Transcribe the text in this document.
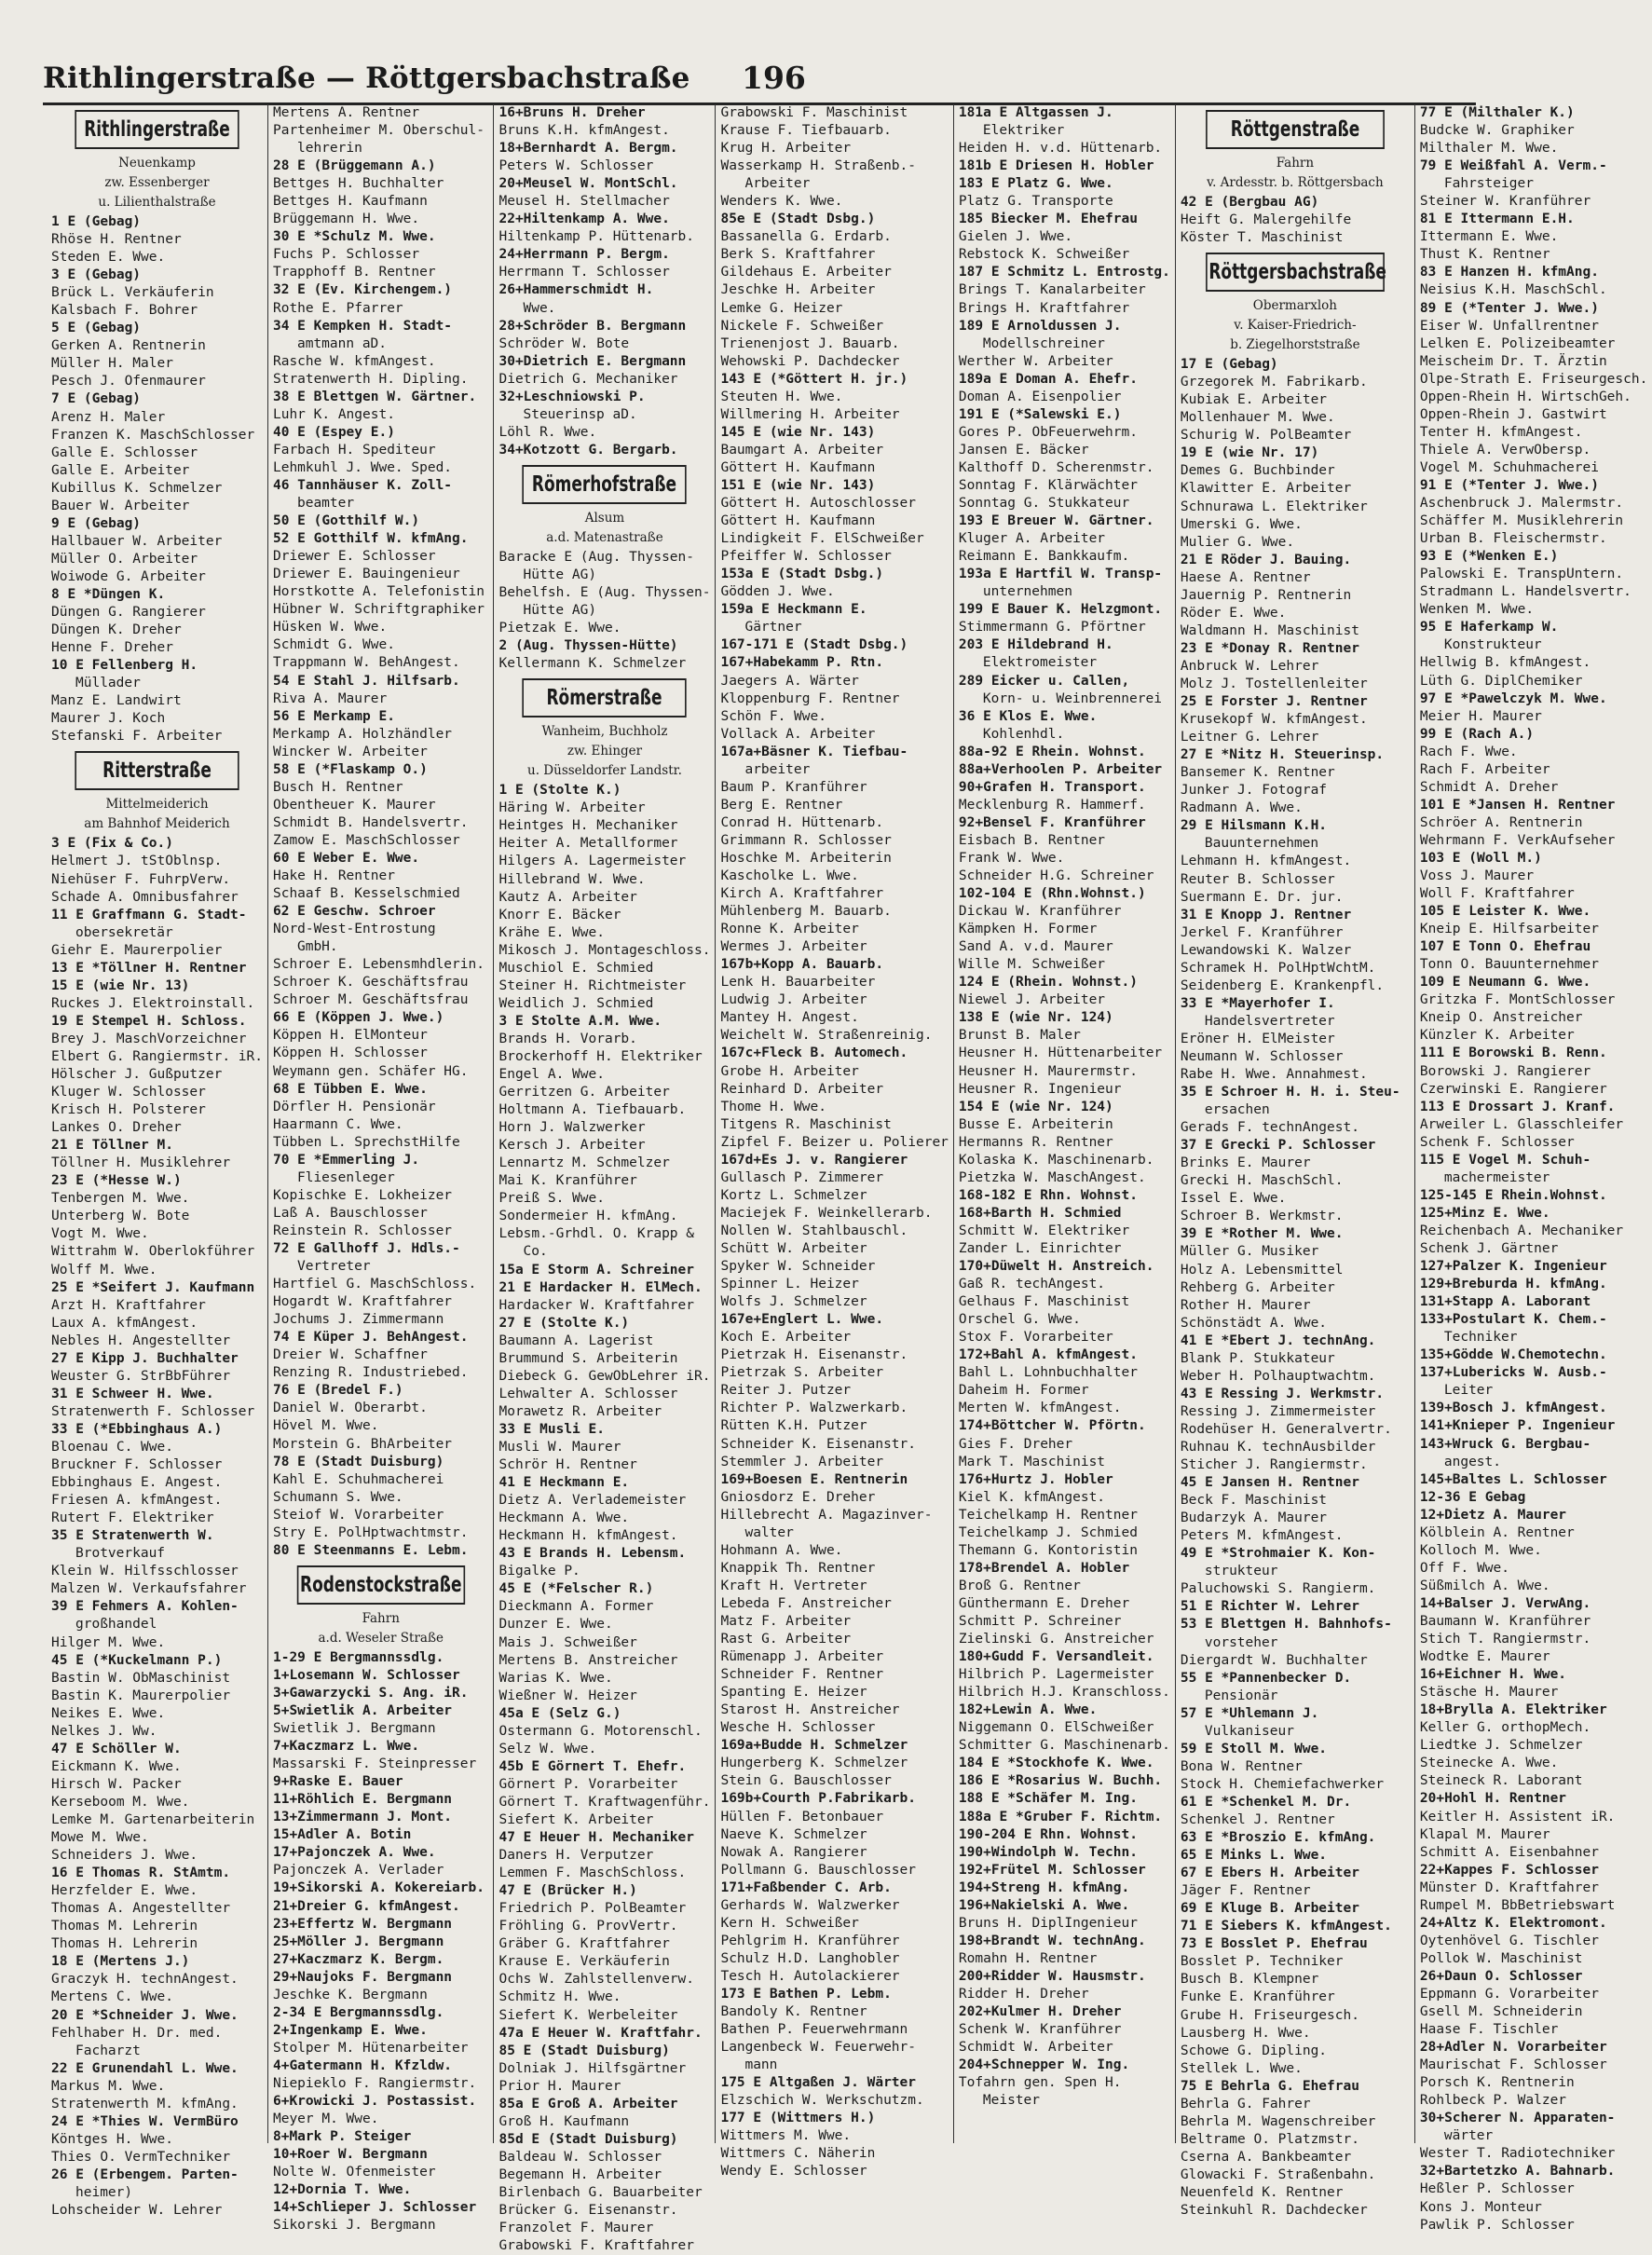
Rithlingerstraße — Röttgersbachstraße 196
Rithlingerstraße
Neuenkamp
zw. Essenberger
u. Lilienthalstraße
1 E (Gebag)
Rhöse H. Rentner
Steden E. Wwe.
3 E (Gebag)
Brück L. Verkäuferin
Kalsbach F. Bohrer
5 E (Gebag)
Gerken A. Rentnerin
Müller H. Maler
Pesch J. Ofenmaurer
7 E (Gebag)
Arenz H. Maler
Franzen K. MaschSchlosser
Galle E. Schlosser
Galle E. Arbeiter
Kubillus K. Schmelzer
Bauer W. Arbeiter
9 E (Gebag)
Hallbauer W. Arbeiter
Müller O. Arbeiter
Woiwode G. Arbeiter
8 E *Düngen K.
Düngen G. Rangierer
Düngen K. Dreher
Henne F. Dreher
10 E Fellenberg H.
Müllader
Manz E. Landwirt
Maurer J. Koch
Stefanski F. Arbeiter
Ritterstraße
Mittelmeiderich
am Bahnhof Meiderich
3 E (Fix & Co.)
Helmert J. tStOblnsp.
Niehüser F. FuhrpVerw.
Schade A. Omnibusfahrer
11 E Graffmann G. Stadt-
obersekretär
Giehr E. Maurerpolier
13 E *Töllner H. Rentner
15 E (wie Nr. 13)
Ruckes J. Elektroinstall.
19 E Stempel H. Schloss.
Brey J. MaschVorzeichner
Elbert G. Rangiermstr. iR.
Hölscher J. Gußputzer
Kluger W. Schlosser
Krisch H. Polsterer
Lankes O. Dreher
21 E Töllner M.
Töllner H. Musiklehrer
23 E (*Hesse W.)
Tenbergen M. Wwe.
Unterberg W. Bote
Vogt M. Wwe.
Wittrahm W. Oberlokführer
Wolff M. Wwe.
25 E *Seifert J. Kaufmann
Arzt H. Kraftfahrer
Laux A. kfmAngest.
Nebles H. Angestellter
27 E Kipp J. Buchhalter
Weuster G. StrBbFührer
31 E Schweer H. Wwe.
Stratenwerth F. Schlosser
33 E (*Ebbinghaus A.)
Bloenau C. Wwe.
Bruckner F. Schlosser
Ebbinghaus E. Angest.
Friesen A. kfmAngest.
Rutert F. Elektriker
35 E Stratenwerth W.
Brotverkauf
Klein W. Hilfsschlosser
Malzen W. Verkaufsfahrer
39 E Fehmers A. Kohlen-
großhandel
Hilger M. Wwe.
45 E (*Kuckelmann P.)
Bastin W. ObMaschinist
Bastin K. Maurerpolier
Neikes E. Wwe.
Nelkes J. Ww.
47 E Schöller W.
Eickmann K. Wwe.
Hirsch W. Packer
Kerseboom M. Wwe.
Lemke M. Gartenarbeiterin
Mowe M. Wwe.
Schneiders J. Wwe.
16 E Thomas R. StAmtm.
Herzfelder E. Wwe.
Thomas A. Angestellter
Thomas M. Lehrerin
Thomas H. Lehrerin
18 E (Mertens J.)
Graczyk H. technAngest.
Mertens C. Wwe.
20 E *Schneider J. Wwe.
Fehlhaber H. Dr. med.
Facharzt
22 E Grunendahl L. Wwe.
Markus M. Wwe.
Stratenwerth M. kfmAng.
24 E *Thies W. VermBüro
Köntges H. Wwe.
Thies O. VermTechniker
26 E (Erbengem. Parten-
heimer)
Lohscheider W. Lehrer
Mertens A. Rentner
Partenheimer M. Oberschul-
lehrerin
28 E (Brüggemann A.)
Bettges H. Buchhalter
Bettges H. Kaufmann
Brüggemann H. Wwe.
30 E *Schulz M. Wwe.
Fuchs P. Schlosser
Trapphoff B. Rentner
32 E (Ev. Kirchengem.)
Rothe E. Pfarrer
34 E Kempken H. Stadt-
amtmann aD.
Rasche W. kfmAngest.
Stratenwerth H. Dipling.
38 E Blettgen W. Gärtner.
Luhr K. Angest.
40 E (Espey E.)
Farbach H. Spediteur
Lehmkuhl J. Wwe. Sped.
46 Tannhäuser K. Zoll-
beamter
50 E (Gotthilf W.)
52 E Gotthilf W. kfmAng.
Driewer E. Schlosser
Driewer E. Bauingenieur
Horstkotte A. Telefonistin
Hübner W. Schriftgraphiker
Hüsken W. Wwe.
Schmidt G. Wwe.
Trappmann W. BehAngest.
54 E Stahl J. Hilfsarb.
Riva A. Maurer
56 E Merkamp E.
Merkamp A. Holzhändler
Wincker W. Arbeiter
58 E (*Flaskamp O.)
Busch H. Rentner
Obentheuer K. Maurer
Schmidt B. Handelsvertr.
Zamow E. MaschSchlosser
60 E Weber E. Wwe.
Hake H. Rentner
Schaaf B. Kesselschmied
62 E Geschw. Schroer
Nord-West-Entrostung
GmbH.
Schroer E. Lebensmhdlerin.
Schroer K. Geschäftsfrau
Schroer M. Geschäftsfrau
66 E (Köppen J. Wwe.)
Köppen H. ElMonteur
Köppen H. Schlosser
Weymann gen. Schäfer HG.
68 E Tübben E. Wwe.
Dörfler H. Pensionär
Haarmann C. Wwe.
Tübben L. SprechstHilfe
70 E *Emmerling J.
Fliesenleger
Kopischke E. Lokheizer
Laß A. Bauschlosser
Reinstein R. Schlosser
72 E Gallhoff J. Hdls.-
Vertreter
Hartfiel G. MaschSchloss.
Hogardt W. Kraftfahrer
Jochums J. Zimmermann
74 E Küper J. BehAngest.
Dreier W. Schaffner
Renzing R. Industriebed.
76 E (Bredel F.)
Daniel W. Oberarbt.
Hövel M. Wwe.
Morstein G. BhArbeiter
78 E (Stadt Duisburg)
Kahl E. Schuhmacherei
Schumann S. Wwe.
Steiof W. Vorarbeiter
Stry E. PolHptwachtmstr.
80 E Steenmanns E. Lebm.
Rodenstockstraße
Fahrn
a.d. Weseler Straße
1-29 E Bergmannssdlg.
1+Losemann W. Schlosser
3+Gawarzycki S. Ang. iR.
5+Swietlik A. Arbeiter
Swietlik J. Bergmann
7+Kaczmarz L. Wwe.
Massarski F. Steinpresser
9+Raske E. Bauer
11+Röhlich E. Bergmann
13+Zimmermann J. Mont.
15+Adler A. Botin
17+Pajonczek A. Wwe.
Pajonczek A. Verlader
19+Sikorski A. Kokereiarb.
21+Dreier G. kfmAngest.
23+Effertz W. Bergmann
25+Möller J. Bergmann
27+Kaczmarz K. Bergm.
29+Naujoks F. Bergmann
Jeschke K. Bergmann
2-34 E Bergmannssdlg.
2+Ingenkamp E. Wwe.
Stolper M. Hütenarbeiter
4+Gatermann H. Kfzldw.
Niepieklo F. Rangiermstr.
6+Krowicki J. Postassist.
Meyer M. Wwe.
8+Mark P. Steiger
10+Roer W. Bergmann
Nolte W. Ofenmeister
12+Dornia T. Wwe.
14+Schlieper J. Schlosser
Sikorski J. Bergmann
16+Bruns H. Dreher
Bruns K.H. kfmAngest.
18+Bernhardt A. Bergm.
Peters W. Schlosser
20+Meusel W. MontSchl.
Meusel H. Stellmacher
22+Hiltenkamp A. Wwe.
Hiltenkamp P. Hüttenarb.
24+Herrmann P. Bergm.
Herrmann T. Schlosser
26+Hammerschmidt H.
Wwe.
28+Schröder B. Bergmann
Schröder W. Bote
30+Dietrich E. Bergmann
Dietrich G. Mechaniker
32+Leschniowski P.
Steuerinsp aD.
Löhl R. Wwe.
34+Kotzott G. Bergarb.
Römerhofstraße
Alsum
a.d. Matenastraße
Baracke E (Aug. Thyssen-
Hütte AG)
Behelfsh. E (Aug. Thyssen-
Hütte AG)
Pietzak E. Wwe.
2 (Aug. Thyssen-Hütte)
Kellermann K. Schmelzer
Römerstraße
Wanheim, Buchholz
zw. Ehinger
u. Düsseldorfer Landstr.
1 E (Stolte K.)
Häring W. Arbeiter
Heintges H. Mechaniker
Heiter A. Metallformer
Hilgers A. Lagermeister
Hillebrand W. Wwe.
Kautz A. Arbeiter
Knorr E. Bäcker
Krähe E. Wwe.
Mikosch J. Montageschloss.
Muschiol E. Schmied
Steiner H. Richtmeister
Weidlich J. Schmied
3 E Stolte A.M. Wwe.
Brands H. Vorarb.
Brockerhoff H. Elektriker
Engel A. Wwe.
Gerritzen G. Arbeiter
Holtmann A. Tiefbauarb.
Horn J. Walzwerker
Kersch J. Arbeiter
Lennartz M. Schmelzer
Mai K. Kranführer
Preiß S. Wwe.
Sondermeier H. kfmAng.
Lebsm.-Grhdl. O. Krapp &
Co.
15a E Storm A. Schreiner
21 E Hardacker H. ElMech.
Hardacker W. Kraftfahrer
27 E (Stolte K.)
Baumann A. Lagerist
Brummund S. Arbeiterin
Diebeck G. GewObLehrer iR.
Lehwalter A. Schlosser
Morawetz R. Arbeiter
33 E Musli E.
Musli W. Maurer
Schrör H. Rentner
41 E Heckmann E.
Dietz A. Verlademeister
Heckmann A. Wwe.
Heckmann H. kfmAngest.
43 E Brands H. Lebensm.
Bigalke P.
45 E (*Felscher R.)
Dieckmann A. Former
Dunzer E. Wwe.
Mais J. Schweißer
Mertens B. Anstreicher
Warias K. Wwe.
Wießner W. Heizer
45a E (Selz G.)
Ostermann G. Motorenschl.
Selz W. Wwe.
45b E Görnert T. Ehefr.
Görnert P. Vorarbeiter
Görnert T. Kraftwagenführ.
Siefert K. Arbeiter
47 E Heuer H. Mechaniker
Daners H. Verputzer
Lemmen F. MaschSchloss.
47 E (Brücker H.)
Friedrich P. PolBeamter
Fröhling G. ProvVertr.
Gräber G. Kraftfahrer
Krause E. Verkäuferin
Ochs W. Zahlstellenverw.
Schmitz H. Wwe.
Siefert K. Werbeleiter
47a E Heuer W. Kraftfahr.
85 E (Stadt Duisburg)
Dolniak J. Hilfsgärtner
Prior H. Maurer
85a E Groß A. Arbeiter
Groß H. Kaufmann
85d E (Stadt Duisburg)
Baldeau W. Schlosser
Begemann H. Arbeiter
Birlenbach G. Bauarbeiter
Brücker G. Eisenanstr.
Franzolet F. Maurer
Grabowski F. Kraftfahrer
Grabowski F. Maschinist
Krause F. Tiefbauarb.
Krug H. Arbeiter
Wasserkamp H. Straßenb.-
Arbeiter
Wenders K. Wwe.
85e E (Stadt Dsbg.)
Bassanella G. Erdarb.
Berk S. Kraftfahrer
Gildehaus E. Arbeiter
Jeschke H. Arbeiter
Lemke G. Heizer
Nickele F. Schweißer
Trienenjost J. Bauarb.
Wehowski P. Dachdecker
143 E (*Göttert H. jr.)
Steuten H. Wwe.
Willmering H. Arbeiter
145 E (wie Nr. 143)
Baumgart A. Arbeiter
Göttert H. Kaufmann
151 E (wie Nr. 143)
Göttert H. Autoschlosser
Göttert H. Kaufmann
Lindigkeit F. ElSchweißer
Pfeiffer W. Schlosser
153a E (Stadt Dsbg.)
Gödden J. Wwe.
159a E Heckmann E.
Gärtner
167-171 E (Stadt Dsbg.)
167+Habekamm P. Rtn.
Jaegers A. Wärter
Kloppenburg F. Rentner
Schön F. Wwe.
Vollack A. Arbeiter
167a+Bäsner K. Tiefbau-
arbeiter
Baum P. Kranführer
Berg E. Rentner
Conrad H. Hüttenarb.
Grimmann R. Schlosser
Hoschke M. Arbeiterin
Kascholke L. Wwe.
Kirch A. Kraftfahrer
Mühlenberg M. Bauarb.
Ronne K. Arbeiter
Wermes J. Arbeiter
167b+Kopp A. Bauarb.
Lenk H. Bauarbeiter
Ludwig J. Arbeiter
Mantey H. Angest.
Weichelt W. Straßenreinig.
167c+Fleck B. Automech.
Grobe H. Arbeiter
Reinhard D. Arbeiter
Thome H. Wwe.
Titgens R. Maschinist
Zipfel F. Beizer u. Polierer
167d+Es J. v. Rangierer
Gullasch P. Zimmerer
Kortz L. Schmelzer
Maciejek F. Weinkellerarb.
Nollen W. Stahlbauschl.
Schütt W. Arbeiter
Spyker W. Schneider
Spinner L. Heizer
Wolfs J. Schmelzer
167e+Englert L. Wwe.
Koch E. Arbeiter
Pietrzak H. Eisenanstr.
Pietrzak S. Arbeiter
Reiter J. Putzer
Richter P. Walzwerkarb.
Rütten K.H. Putzer
Schneider K. Eisenanstr.
Stemmler J. Arbeiter
169+Boesen E. Rentnerin
Gniosdorz E. Dreher
Hillebrecht A. Magazinver-
walter
Hohmann A. Wwe.
Knappik Th. Rentner
Kraft H. Vertreter
Lebeda F. Anstreicher
Matz F. Arbeiter
Rast G. Arbeiter
Rümenapp J. Arbeiter
Schneider F. Rentner
Spanting E. Heizer
Starost H. Anstreicher
Wesche H. Schlosser
169a+Budde H. Schmelzer
Hungerberg K. Schmelzer
Stein G. Bauschlosser
169b+Courth P.Fabrikarb.
Hüllen F. Betonbauer
Naeve K. Schmelzer
Nowak A. Rangierer
Pollmann G. Bauschlosser
171+Faßbender C. Arb.
Gerhards W. Walzwerker
Kern H. Schweißer
Pehlgrim H. Kranführer
Schulz H.D. Langhobler
Tesch H. Autolackierer
173 E Bathen P. Lebm.
Bandoly K. Rentner
Bathen P. Feuerwehrmann
Langenbeck W. Feuerwehr-
mann
175 E Altgaßen J. Wärter
Elzschich W. Werkschutzm.
177 E (Wittmers H.)
Wittmers M. Wwe.
Wittmers C. Näherin
Wendy E. Schlosser
181a E Altgassen J.
Elektriker
Heiden H. v.d. Hüttenarb.
181b E Driesen H. Hobler
183 E Platz G. Wwe.
Platz G. Transporte
185 Biecker M. Ehefrau
Gielen J. Wwe.
Rebstock K. Schweißer
187 E Schmitz L. Entrostg.
Brings T. Kanalarbeiter
Brings H. Kraftfahrer
189 E Arnoldussen J.
Modellschreiner
Werther W. Arbeiter
189a E Doman A. Ehefr.
Doman A. Eisenpolier
191 E (*Salewski E.)
Gores P. ObFeuerwehrm.
Jansen E. Bäcker
Kalthoff D. Scherenmstr.
Sonntag F. Klärwächter
Sonntag G. Stukkateur
193 E Breuer W. Gärtner.
Kluger A. Arbeiter
Reimann E. Bankkaufm.
193a E Hartfil W. Transp-
unternehmen
199 E Bauer K. Helzgmont.
Stimmermann G. Pförtner
203 E Hildebrand H.
Elektromeister
289 Eicker u. Callen,
Korn- u. Weinbrennerei
36 E Klos E. Wwe.
Kohlenhdl.
88a-92 E Rhein. Wohnst.
88a+Verhoolen P. Arbeiter
90+Grafen H. Transport.
Mecklenburg R. Hammerf.
92+Bensel F. Kranführer
Eisbach B. Rentner
Frank W. Wwe.
Schneider H.G. Schreiner
102-104 E (Rhn.Wohnst.)
Dickau W. Kranführer
Kämpken H. Former
Sand A. v.d. Maurer
Wille M. Schweißer
124 E (Rhein. Wohnst.)
Niewel J. Arbeiter
138 E (wie Nr. 124)
Brunst B. Maler
Heusner H. Hüttenarbeiter
Heusner H. Maurermstr.
Heusner R. Ingenieur
154 E (wie Nr. 124)
Busse E. Arbeiterin
Hermanns R. Rentner
Kolaska K. Maschinenarb.
Pietzka W. MaschAngest.
168-182 E Rhn. Wohnst.
168+Barth H. Schmied
Schmitt W. Elektriker
Zander L. Einrichter
170+Düwelt H. Anstreich.
Gaß R. techAngest.
Gelhaus F. Maschinist
Orschel G. Wwe.
Stox F. Vorarbeiter
172+Bahl A. kfmAngest.
Bahl L. Lohnbuchhalter
Daheim H. Former
Merten W. kfmAngest.
174+Böttcher W. Pförtn.
Gies F. Dreher
Mark T. Maschinist
176+Hurtz J. Hobler
Kiel K. kfmAngest.
Teichelkamp H. Rentner
Teichelkamp J. Schmied
Themann G. Kontoristin
178+Brendel A. Hobler
Broß G. Rentner
Günthermann E. Dreher
Schmitt P. Schreiner
Zielinski G. Anstreicher
180+Gudd F. Versandleit.
Hilbrich P. Lagermeister
Hilbrich H.J. Kranschloss.
182+Lewin A. Wwe.
Niggemann O. ElSchweißer
Schmitter G. Maschinenarb.
184 E *Stockhofe K. Wwe.
186 E *Rosarius W. Buchh.
188 E *Schäfer M. Ing.
188a E *Gruber F. Richtm.
190-204 E Rhn. Wohnst.
190+Windolph W. Techn.
192+Frütel M. Schlosser
194+Streng H. kfmAng.
196+Nakielski A. Wwe.
Bruns H. DiplIngenieur
198+Brandt W. technAng.
Romahn H. Rentner
200+Ridder W. Hausmstr.
Ridder H. Dreher
202+Kulmer H. Dreher
Schenk W. Kranführer
Schmidt W. Arbeiter
204+Schnepper W. Ing.
Tofahrn gen. Spen H.
Meister
Röttgenstraße
Fahrn
v. Ardesstr. b. Röttgersbach
42 E (Bergbau AG)
Heift G. Malergehilfe
Köster T. Maschinist
Röttgersbachstraße
Obermarxloh
v. Kaiser-Friedrich-
b. Ziegelhorststraße
17 E (Gebag)
Grzegorek M. Fabrikarb.
Kubiak E. Arbeiter
Mollenhauer M. Wwe.
Schurig W. PolBeamter
19 E (wie Nr. 17)
Demes G. Buchbinder
Klawitter E. Arbeiter
Schnurawa L. Elektriker
Umerski G. Wwe.
Mulier G. Wwe.
21 E Röder J. Bauing.
Haese A. Rentner
Jauernig P. Rentnerin
Röder E. Wwe.
Waldmann H. Maschinist
23 E *Donay R. Rentner
Anbruck W. Lehrer
Molz J. Tostellenleiter
25 E Forster J. Rentner
Krusekopf W. kfmAngest.
Leitner G. Lehrer
27 E *Nitz H. Steuerinsp.
Bansemer K. Rentner
Junker J. Fotograf
Radmann A. Wwe.
29 E Hilsmann K.H.
Bauunternehmen
Lehmann H. kfmAngest.
Reuter B. Schlosser
Suermann E. Dr. jur.
31 E Knopp J. Rentner
Jerkel F. Kranführer
Lewandowski K. Walzer
Schramek H. PolHptWchtM.
Seidenberg E. Krankenpfl.
33 E *Mayerhofer I.
Handelsvertreter
Eröner H. ElMeister
Neumann W. Schlosser
Rabe H. Wwe. Annahmest.
35 E Schroer H. H. i. Steu-
ersachen
Gerads F. technAngest.
37 E Grecki P. Schlosser
Brinks E. Maurer
Grecki H. MaschSchl.
Issel E. Wwe.
Schroer B. Werkmstr.
39 E *Rother M. Wwe.
Müller G. Musiker
Holz A. Lebensmittel
Rehberg G. Arbeiter
Rother H. Maurer
Schönstädt A. Wwe.
41 E *Ebert J. technAng.
Blank P. Stukkateur
Weber H. Polhauptwachtm.
43 E Ressing J. Werkmstr.
Ressing J. Zimmermeister
Rodehüser H. Generalvertr.
Ruhnau K. technAusbilder
Sticher J. Rangiermstr.
45 E Jansen H. Rentner
Beck F. Maschinist
Budarzyk A. Maurer
Peters M. kfmAngest.
49 E *Strohmaier K. Kon-
strukteur
Paluchowski S. Rangierm.
51 E Richter W. Lehrer
53 E Blettgen H. Bahnhofs-
vorsteher
Diergardt W. Buchhalter
55 E *Pannenbecker D.
Pensionär
57 E *Uhlemann J.
Vulkaniseur
59 E Stoll M. Wwe.
Bona W. Rentner
Stock H. Chemiefachwerker
61 E *Schenkel M. Dr.
Schenkel J. Rentner
63 E *Broszio E. kfmAng.
65 E Minks L. Wwe.
67 E Ebers H. Arbeiter
Jäger F. Rentner
69 E Kluge B. Arbeiter
71 E Siebers K. kfmAngest.
73 E Bosslet P. Ehefrau
Bosslet P. Techniker
Busch B. Klempner
Funke E. Kranführer
Grube H. Friseurgesch.
Lausberg H. Wwe.
Schowe G. Dipling.
Stellek L. Wwe.
75 E Behrla G. Ehefrau
Behrla G. Fahrer
Behrla M. Wagenschreiber
Beltrame O. Platzmstr.
Cserna A. Bankbeamter
Glowacki F. Straßenbahn.
Neuenfeld K. Rentner
Steinkuhl R. Dachdecker
77 E (Milthaler K.)
Budcke W. Graphiker
Milthaler M. Wwe.
79 E Weißfahl A. Verm.-
Fahrsteiger
Steiner W. Kranführer
81 E Ittermann E.H.
Ittermann E. Wwe.
Thust K. Rentner
83 E Hanzen H. kfmAng.
Neisius K.H. MaschSchl.
89 E (*Tenter J. Wwe.)
Eiser W. Unfallrentner
Lelken E. Polizeibeamter
Meischeim Dr. T. Ärztin
Olpe-Strath E. Friseurgesch.
Oppen-Rhein H. WirtschGeh.
Oppen-Rhein J. Gastwirt
Tenter H. kfmAngest.
Thiele A. VerwObersp.
Vogel M. Schuhmacherei
91 E (*Tenter J. Wwe.)
Aschenbruck J. Malermstr.
Schäffer M. Musiklehrerin
Urban B. Fleischermstr.
93 E (*Wenken E.)
Palowski E. TranspUntern.
Stradmann L. Handelsvertr.
Wenken M. Wwe.
95 E Haferkamp W.
Konstrukteur
Hellwig B. kfmAngest.
Lüth G. DiplChemiker
97 E *Pawelczyk M. Wwe.
Meier H. Maurer
99 E (Rach A.)
Rach F. Wwe.
Rach F. Arbeiter
Schmidt A. Dreher
101 E *Jansen H. Rentner
Schröer A. Rentnerin
Wehrmann F. VerkAufseher
103 E (Woll M.)
Voss J. Maurer
Woll F. Kraftfahrer
105 E Leister K. Wwe.
Kneip E. Hilfsarbeiter
107 E Tonn O. Ehefrau
Tonn O. Bauunternehmer
109 E Neumann G. Wwe.
Gritzka F. MontSchlosser
Kneip O. Anstreicher
Künzler K. Arbeiter
111 E Borowski B. Renn.
Borowski J. Rangierer
Czerwinski E. Rangierer
113 E Drossart J. Kranf.
Arweiler L. Glasschleifer
Schenk F. Schlosser
115 E Vogel M. Schuh-
machermeister
125-145 E Rhein.Wohnst.
125+Minz E. Wwe.
Reichenbach A. Mechaniker
Schenk J. Gärtner
127+Palzer K. Ingenieur
129+Breburda H. kfmAng.
131+Stapp A. Laborant
133+Postulart K. Chem.-
Techniker
135+Gödde W.Chemotechn.
137+Lubericks W. Ausb.-
Leiter
139+Bosch J. kfmAngest.
141+Knieper P. Ingenieur
143+Wruck G. Bergbau-
angest.
145+Baltes L. Schlosser
12-36 E Gebag
12+Dietz A. Maurer
Kölblein A. Rentner
Kolloch M. Wwe.
Off F. Wwe.
Süßmilch A. Wwe.
14+Balser J. VerwAng.
Baumann W. Kranführer
Stich T. Rangiermstr.
Wodtke E. Maurer
16+Eichner H. Wwe.
Stäsche H. Maurer
18+Brylla A. Elektriker
Keller G. orthopMech.
Liedtke J. Schmelzer
Steinecke A. Wwe.
Steineck R. Laborant
20+Hohl H. Rentner
Keitler H. Assistent iR.
Klapal M. Maurer
Schmitt A. Eisenbahner
22+Kappes F. Schlosser
Münster D. Kraftfahrer
Rumpel M. BbBetriebswart
24+Altz K. Elektromont.
Oytenhövel G. Tischler
Pollok W. Maschinist
26+Daun O. Schlosser
Eppmann G. Vorarbeiter
Gsell M. Schneiderin
Haase F. Tischler
28+Adler N. Vorarbeiter
Maurischat F. Schlosser
Porsch K. Rentnerin
Rohlbeck P. Walzer
30+Scherer N. Apparaten-
wärter
Wester T. Radiotechniker
32+Bartetzko A. Bahnarb.
Heßler P. Schlosser
Kons J. Monteur
Pawlik P. Schlosser
